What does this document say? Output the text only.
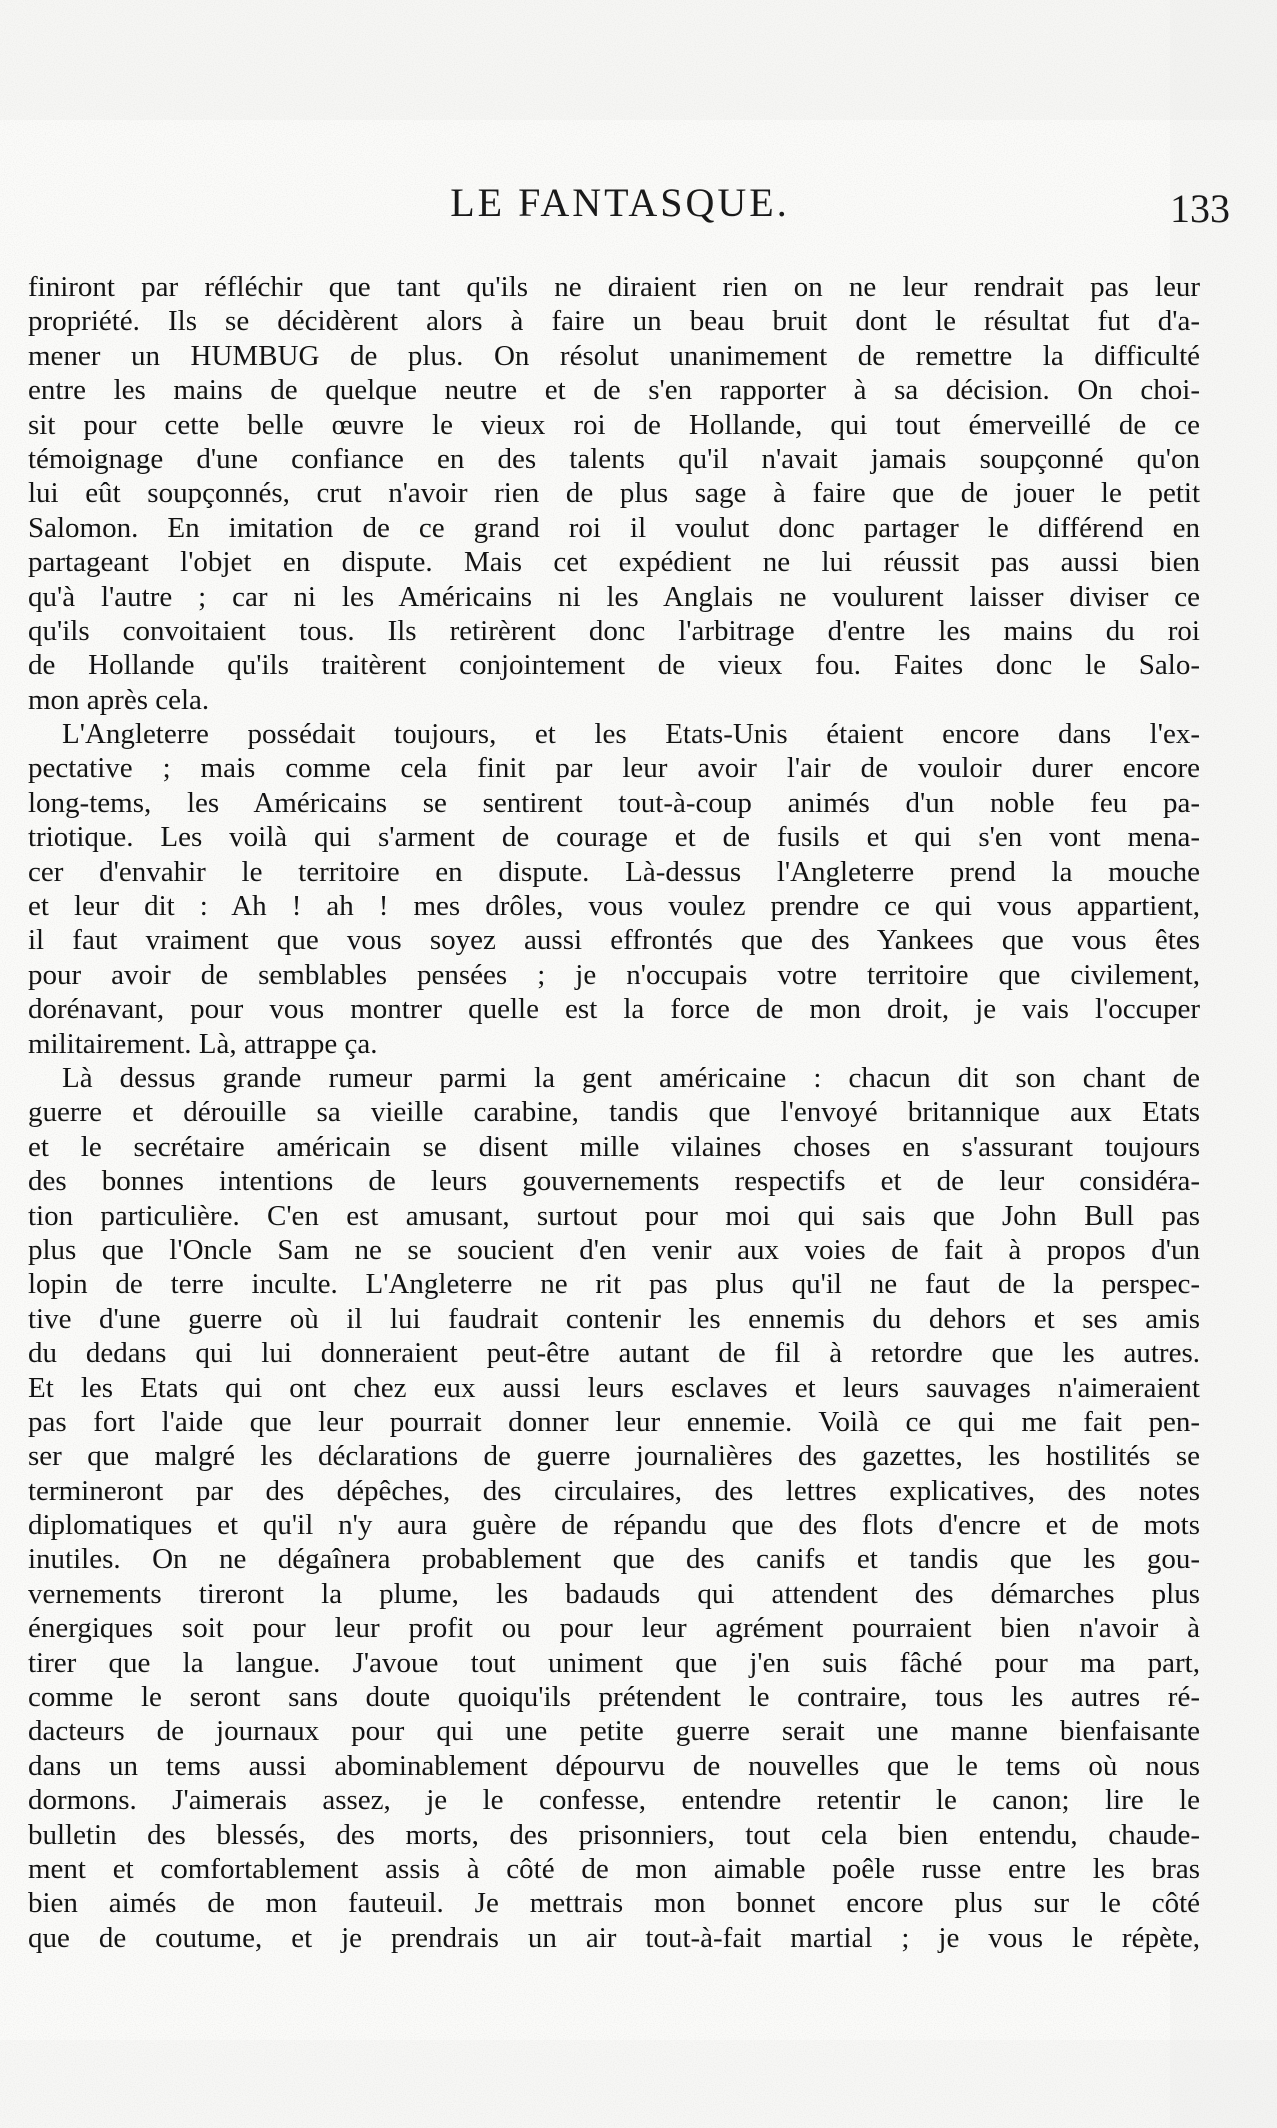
LE FANTASQUE.	133
finiront par réfléchir que tant qu'ils ne diraient rien on ne leur rendrait pas leur
propriété. Ils se décidèrent alors à faire un beau bruit dont le résultat fut d'a-
mener un HUMBUG de plus. On résolut unanimement de remettre la difficulté
entre les mains de quelque neutre et de s'en rapporter à sa décision. On choi-
sit pour cette belle œuvre le vieux roi de Hollande, qui tout émerveillé de ce
témoignage d'une confiance en des talents qu'il n'avait jamais soupçonné qu'on
lui eût soupçonnés, crut n'avoir rien de plus sage à faire que de jouer le petit
Salomon. En imitation de ce grand roi il voulut donc partager le différend en
partageant l'objet en dispute. Mais cet expédient ne lui réussit pas aussi bien
qu'à l'autre ; car ni les Américains ni les Anglais ne voulurent laisser diviser ce
qu'ils convoitaient tous. Ils retirèrent donc l'arbitrage d'entre les mains du roi
de Hollande qu'ils traitèrent conjointement de vieux fou. Faites donc le Salo-
mon après cela.
L'Angleterre possédait toujours, et les Etats-Unis étaient encore dans l'ex-
pectative ; mais comme cela finit par leur avoir l'air de vouloir durer encore
long-tems, les Américains se sentirent tout-à-coup animés d'un noble feu pa-
triotique. Les voilà qui s'arment de courage et de fusils et qui s'en vont mena-
cer d'envahir le territoire en dispute. Là-dessus l'Angleterre prend la mouche
et leur dit : Ah ! ah ! mes drôles, vous voulez prendre ce qui vous appartient,
il faut vraiment que vous soyez aussi effrontés que des Yankees que vous êtes
pour avoir de semblables pensées ; je n'occupais votre territoire que civilement,
dorénavant, pour vous montrer quelle est la force de mon droit, je vais l'occuper
militairement. Là, attrappe ça.
Là dessus grande rumeur parmi la gent américaine : chacun dit son chant de
guerre et dérouille sa vieille carabine, tandis que l'envoyé britannique aux Etats
et le secrétaire américain se disent mille vilaines choses en s'assurant toujours
des bonnes intentions de leurs gouvernements respectifs et de leur considéra-
tion particulière. C'en est amusant, surtout pour moi qui sais que John Bull pas
plus que l'Oncle Sam ne se soucient d'en venir aux voies de fait à propos d'un
lopin de terre inculte. L'Angleterre ne rit pas plus qu'il ne faut de la perspec-
tive d'une guerre où il lui faudrait contenir les ennemis du dehors et ses amis
du dedans qui lui donneraient peut-être autant de fil à retordre que les autres.
Et les Etats qui ont chez eux aussi leurs esclaves et leurs sauvages n'aimeraient
pas fort l'aide que leur pourrait donner leur ennemie. Voilà ce qui me fait pen-
ser que malgré les déclarations de guerre journalières des gazettes, les hostilités se
termineront par des dépêches, des circulaires, des lettres explicatives, des notes
diplomatiques et qu'il n'y aura guère de répandu que des flots d'encre et de mots
inutiles. On ne dégaînera probablement que des canifs et tandis que les gou-
vernements tireront la plume, les badauds qui attendent des démarches plus
énergiques soit pour leur profit ou pour leur agrément pourraient bien n'avoir à
tirer que la langue. J'avoue tout uniment que j'en suis fâché pour ma part,
comme le seront sans doute quoiqu'ils prétendent le contraire, tous les autres ré-
dacteurs de journaux pour qui une petite guerre serait une manne bienfaisante
dans un tems aussi abominablement dépourvu de nouvelles que le tems où nous
dormons. J'aimerais assez, je le confesse, entendre retentir le canon; lire le
bulletin des blessés, des morts, des prisonniers, tout cela bien entendu, chaude-
ment et comfortablement assis à côté de mon aimable poêle russe entre les bras
bien aimés de mon fauteuil. Je mettrais mon bonnet encore plus sur le côté
que de coutume, et je prendrais un air tout-à-fait martial ; je vous le répète,
